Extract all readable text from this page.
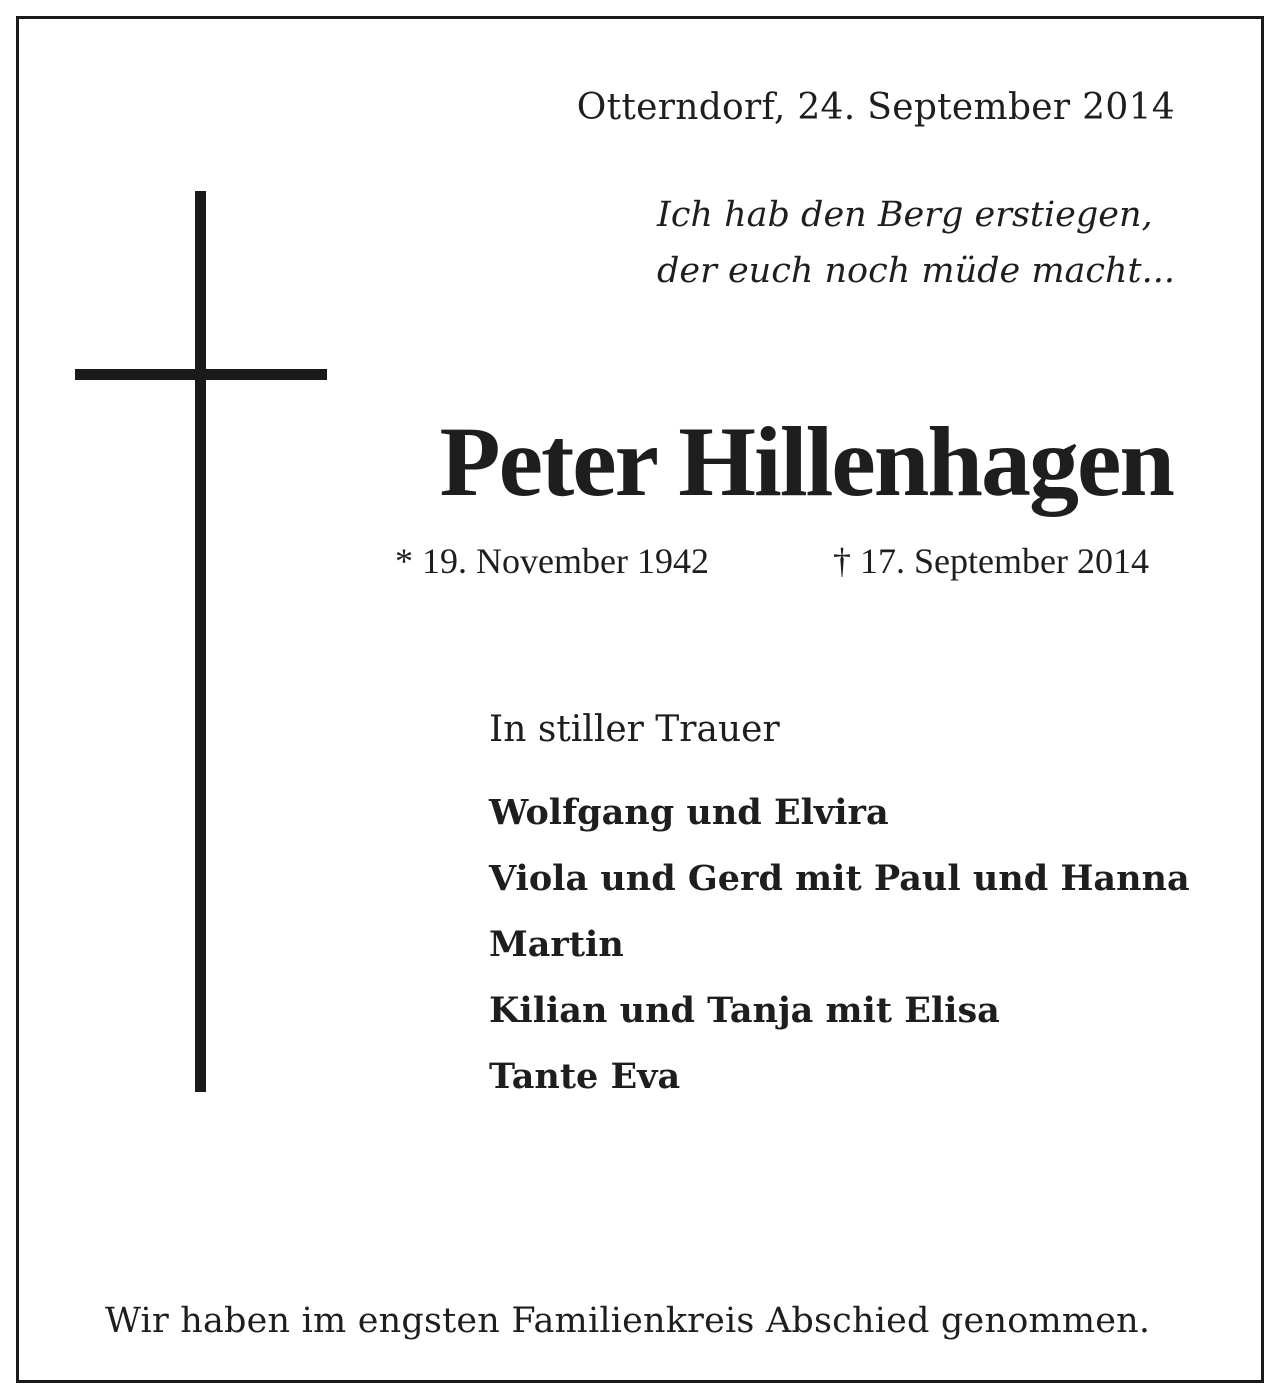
Otterndorf, 24. September 2014
Ich hab den Berg erstiegen,
der euch noch müde macht...
Peter Hillenhagen
* 19. November 1942	† 17. September 2014
In stiller Trauer
Wolfgang und Elvira
Viola und Gerd mit Paul und Hanna
Martin
Kilian und Tanja mit Elisa
Tante Eva
Wir haben im engsten Familienkreis Abschied genommen.
